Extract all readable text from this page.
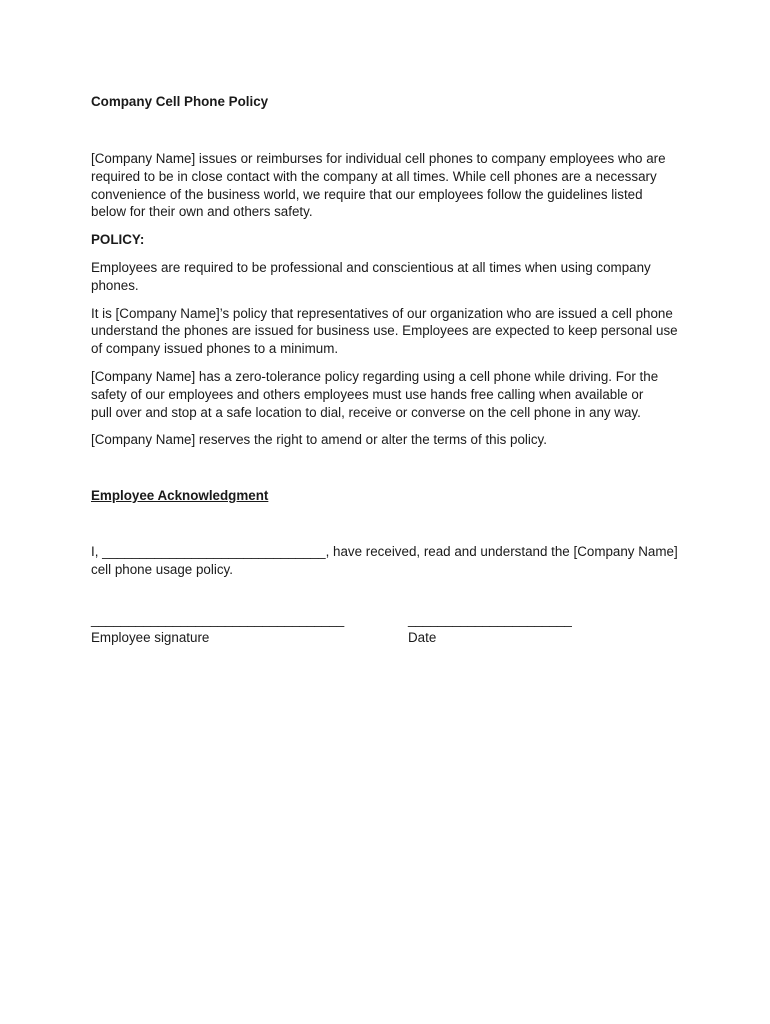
Company Cell Phone Policy

[Company Name] issues or reimburses for individual cell phones to company employees who are required to be in close contact with the company at all times. While cell phones are a necessary convenience of the business world, we require that our employees follow the guidelines listed below for their own and others safety.

POLICY:

Employees are required to be professional and conscientious at all times when using company phones.

It is [Company Name]’s policy that representatives of our organization who are issued a cell phone understand the phones are issued for business use. Employees are expected to keep personal use of company issued phones to a minimum.

[Company Name] has a zero-tolerance policy regarding using a cell phone while driving. For the safety of our employees and others employees must use hands free calling when available or pull over and stop at a safe location to dial, receive or converse on the cell phone in any way.

[Company Name] reserves the right to amend or alter the terms of this policy.

Employee Acknowledgment

I, ______________________________, have received, read and understand the [Company Name] cell phone usage policy.

__________________________________
Employee signature
______________________
Date
